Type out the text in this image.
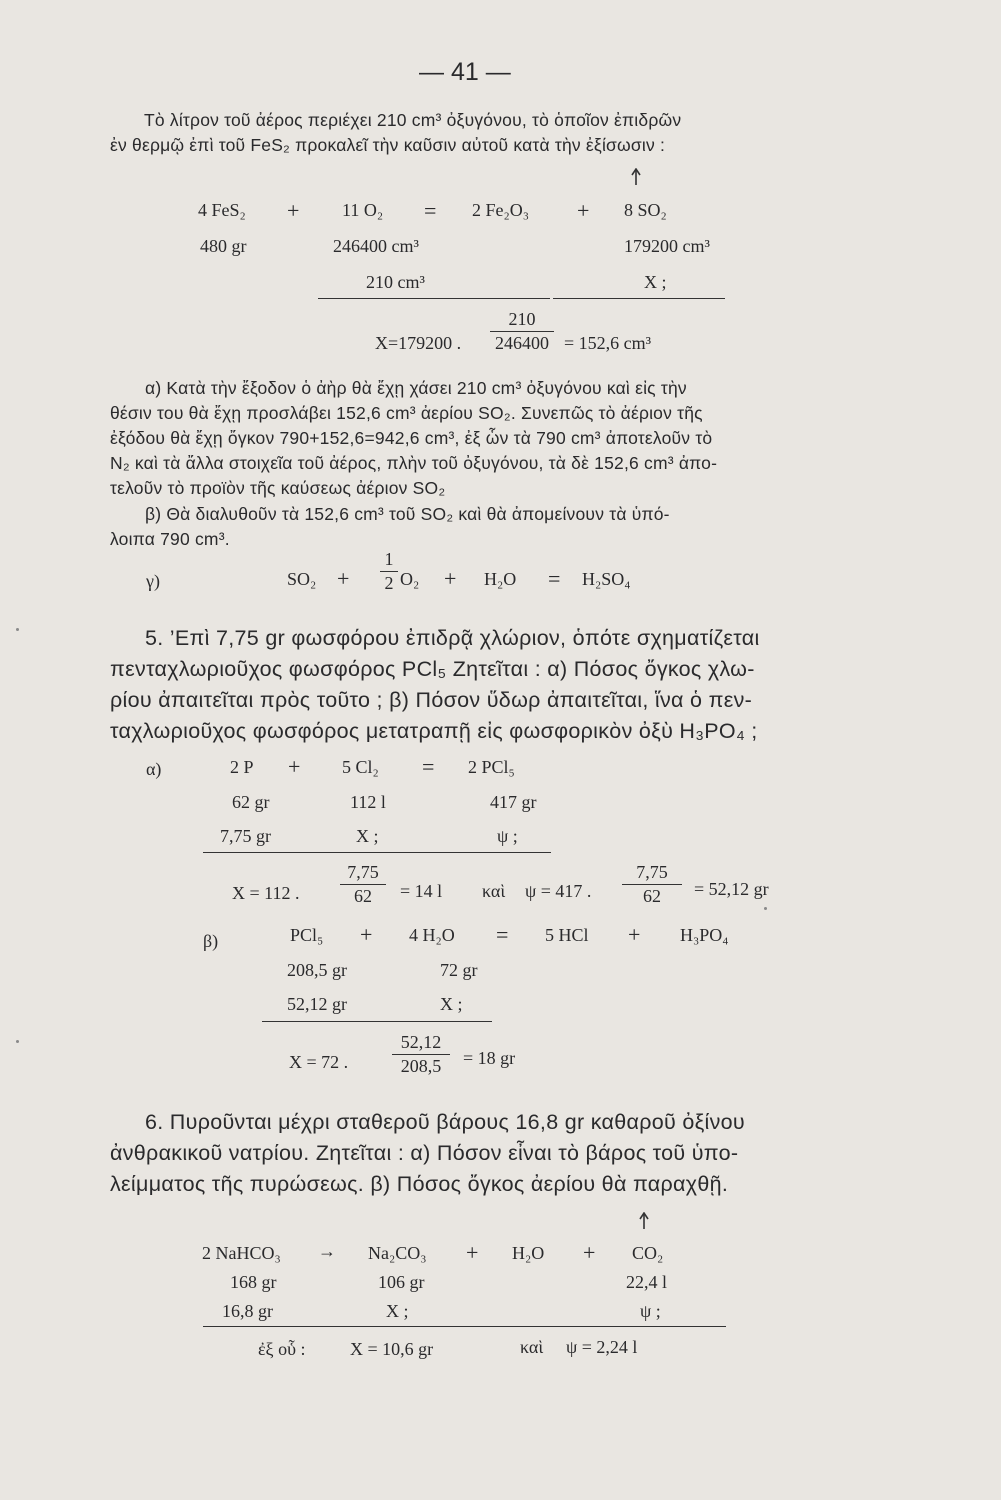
— 41 —
Τὸ λίτρον τοῦ ἀέρος περιέχει 210 cm³ ὀξυγόνου, τὸ ὁποῖον ἐπιδρῶν
ἐν θερμῷ ἐπὶ τοῦ FeS₂ προκαλεῖ τὴν καῦσιν αὐτοῦ κατὰ τὴν ἐξίσωσιν :
4 FeS₂ + 11 O₂ = 2 Fe₂O₃ + 8 SO₂
480 gr	246400 cm³	179200 cm³
210 cm³	X ;
X=179200 .
210
246400 = 152,6 cm³
α) Κατὰ τὴν ἔξοδον ὁ ἀὴρ θὰ ἔχῃ χάσει 210 cm³ ὀξυγόνου καὶ εἰς τὴν
θέσιν του θὰ ἔχῃ προσλάβει 152,6 cm³ ἀερίου SO₂. Συνεπῶς τὸ ἀέριον τῆς
ἐξόδου θὰ ἔχῃ ὄγκον 790+152,6=942,6 cm³, ἐξ ὧν τὰ 790 cm³ ἀποτελοῦν τὸ
N₂ καὶ τὰ ἄλλα στοιχεῖα τοῦ ἀέρος, πλὴν τοῦ ὀξυγόνου, τὰ δὲ 152,6 cm³ ἀπο-
τελοῦν τὸ προϊὸν τῆς καύσεως ἀέριον SO₂
β) Θὰ διαλυθοῦν τὰ 152,6 cm³ τοῦ SO₂ καὶ θὰ ἀπομείνουν τὰ ὑπό-
λοιπα 790 cm³.
γ)	SO₂ +
1
2 O₂ + H₂O = H₂SO₄
5. ’Επὶ 7,75 gr φωσφόρου ἐπιδρᾷ χλώριον, ὁπότε σχηματίζεται
πενταχλωριοῦχος φωσφόρος PCl₅ Ζητεῖται : α) Πόσος ὄγκος χλω-
ρίου ἀπαιτεῖται πρὸς τοῦτο ; β) Πόσον ὕδωρ ἀπαιτεῖται, ἵνα ὁ πεν-
ταχλωριοῦχος φωσφόρος μετατραπῇ εἰς φωσφορικὸν ὀξὺ H₃PO₄ ;
α)	2 P + 5 Cl₂ = 2 PCl₅
62 gr	112 l	417 gr
7,75 gr	X ;	ψ ;
X = 112 .
7,75
62	= 14 l καὶ ψ = 417 .
7,75
62	= 52,12 gr
β)	PCl₅ + 4 H₂O = 5 HCl + H₃PO₄
208,5 gr	72 gr
52,12 gr	X ;
X = 72 .
52,12
208,5	= 18 gr
6. Πυροῦνται μέχρι σταθεροῦ βάρους 16,8 gr καθαροῦ ὀξίνου
ἀνθρακικοῦ νατρίου. Ζητεῖται : α) Πόσον εἶναι τὸ βάρος τοῦ ὑπο-
λείμματος τῆς πυρώσεως. β) Πόσος ὄγκος ἀερίου θὰ παραχθῇ.
2 NaHCO₃ → Na₂CO₃ + H₂O + CO₂
168 gr	106 gr	22,4 l
16,8 gr	X ;	ψ ;
ἐξ οὗ : X = 10,6 gr	καὶ ψ = 2,24 l
